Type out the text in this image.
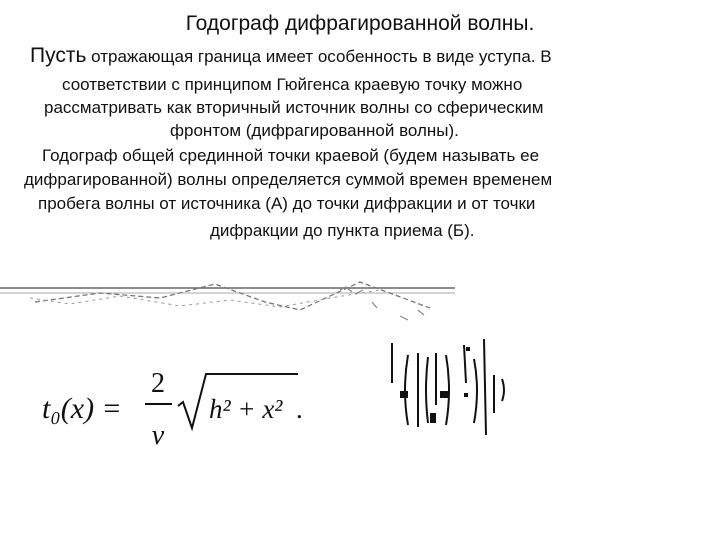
Годограф дифрагированной волны.
Пусть отражающая граница имеет особенность в виде уступа. В
соответствии с принципом Гюйгенса краевую точку можно
рассматривать как вторичный источник волны со сферическим
фронтом (дифрагированной волны).
Годограф общей срединной точки краевой (будем называть ее
дифрагированной) волны определяется суммой времен временем
пробега волны от источника (А) до точки дифракции и от точки
дифракции до пункта приема (Б).
t₀(x) =
2
v
h² + x² .
